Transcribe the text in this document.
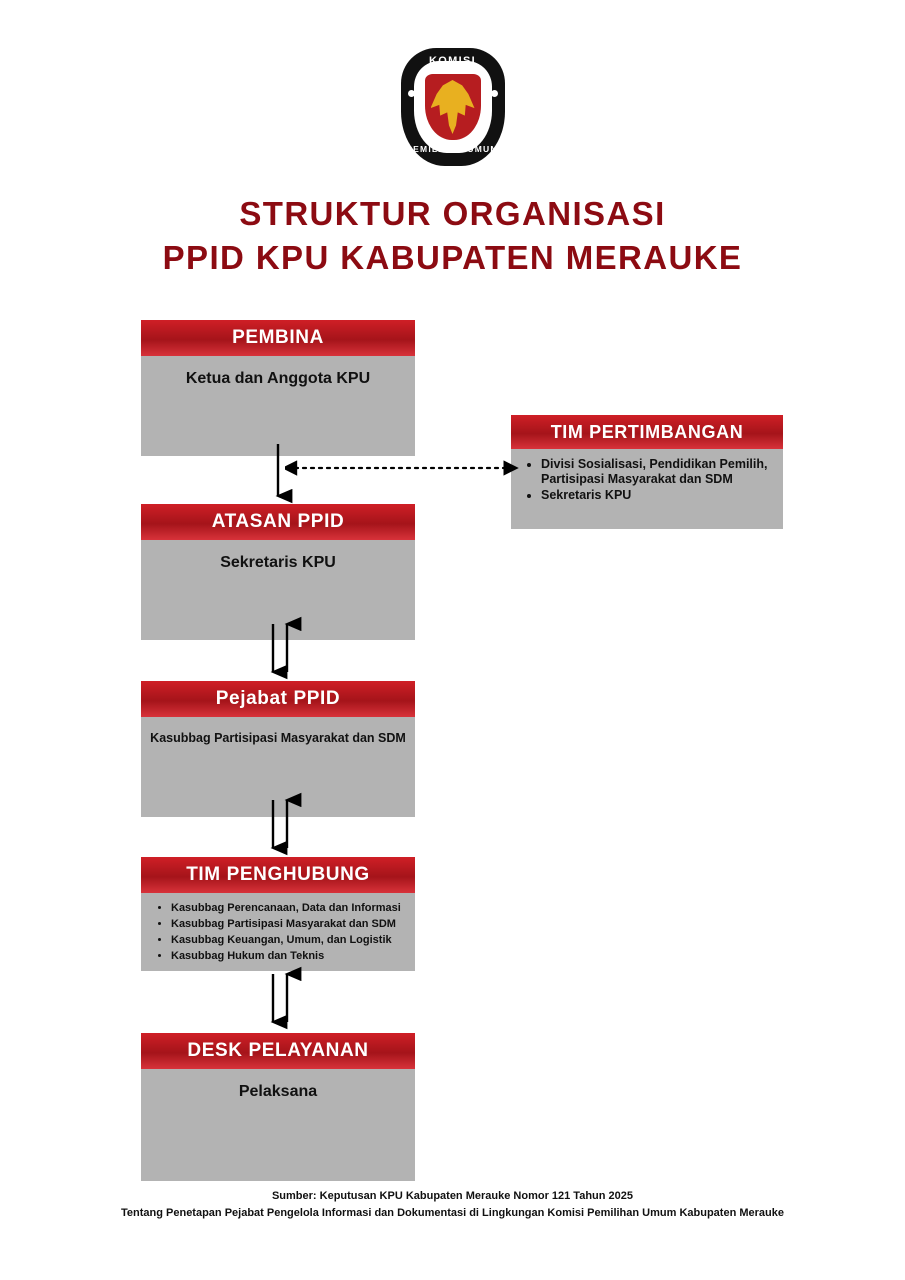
KOMISI
PEMILIHAN UMUM
STRUKTUR ORGANISASI
PPID KPU KABUPATEN MERAUKE
PEMBINA
Ketua dan Anggota KPU
TIM PERTIMBANGAN
• Divisi Sosialisasi, Pendidikan Pemilih, Partisipasi Masyarakat dan SDM
• Sekretaris KPU
ATASAN PPID
Sekretaris KPU
Pejabat PPID
Kasubbag Partisipasi Masyarakat dan SDM
TIM PENGHUBUNG
• Kasubbag Perencanaan, Data dan Informasi
• Kasubbag Partisipasi Masyarakat dan SDM
• Kasubbag Keuangan, Umum, dan Logistik
• Kasubbag Hukum dan Teknis
DESK PELAYANAN
Pelaksana
Sumber: Keputusan KPU Kabupaten Merauke Nomor 121 Tahun 2025
Tentang Penetapan Pejabat Pengelola Informasi dan Dokumentasi di Lingkungan Komisi Pemilihan Umum Kabupaten Merauke
